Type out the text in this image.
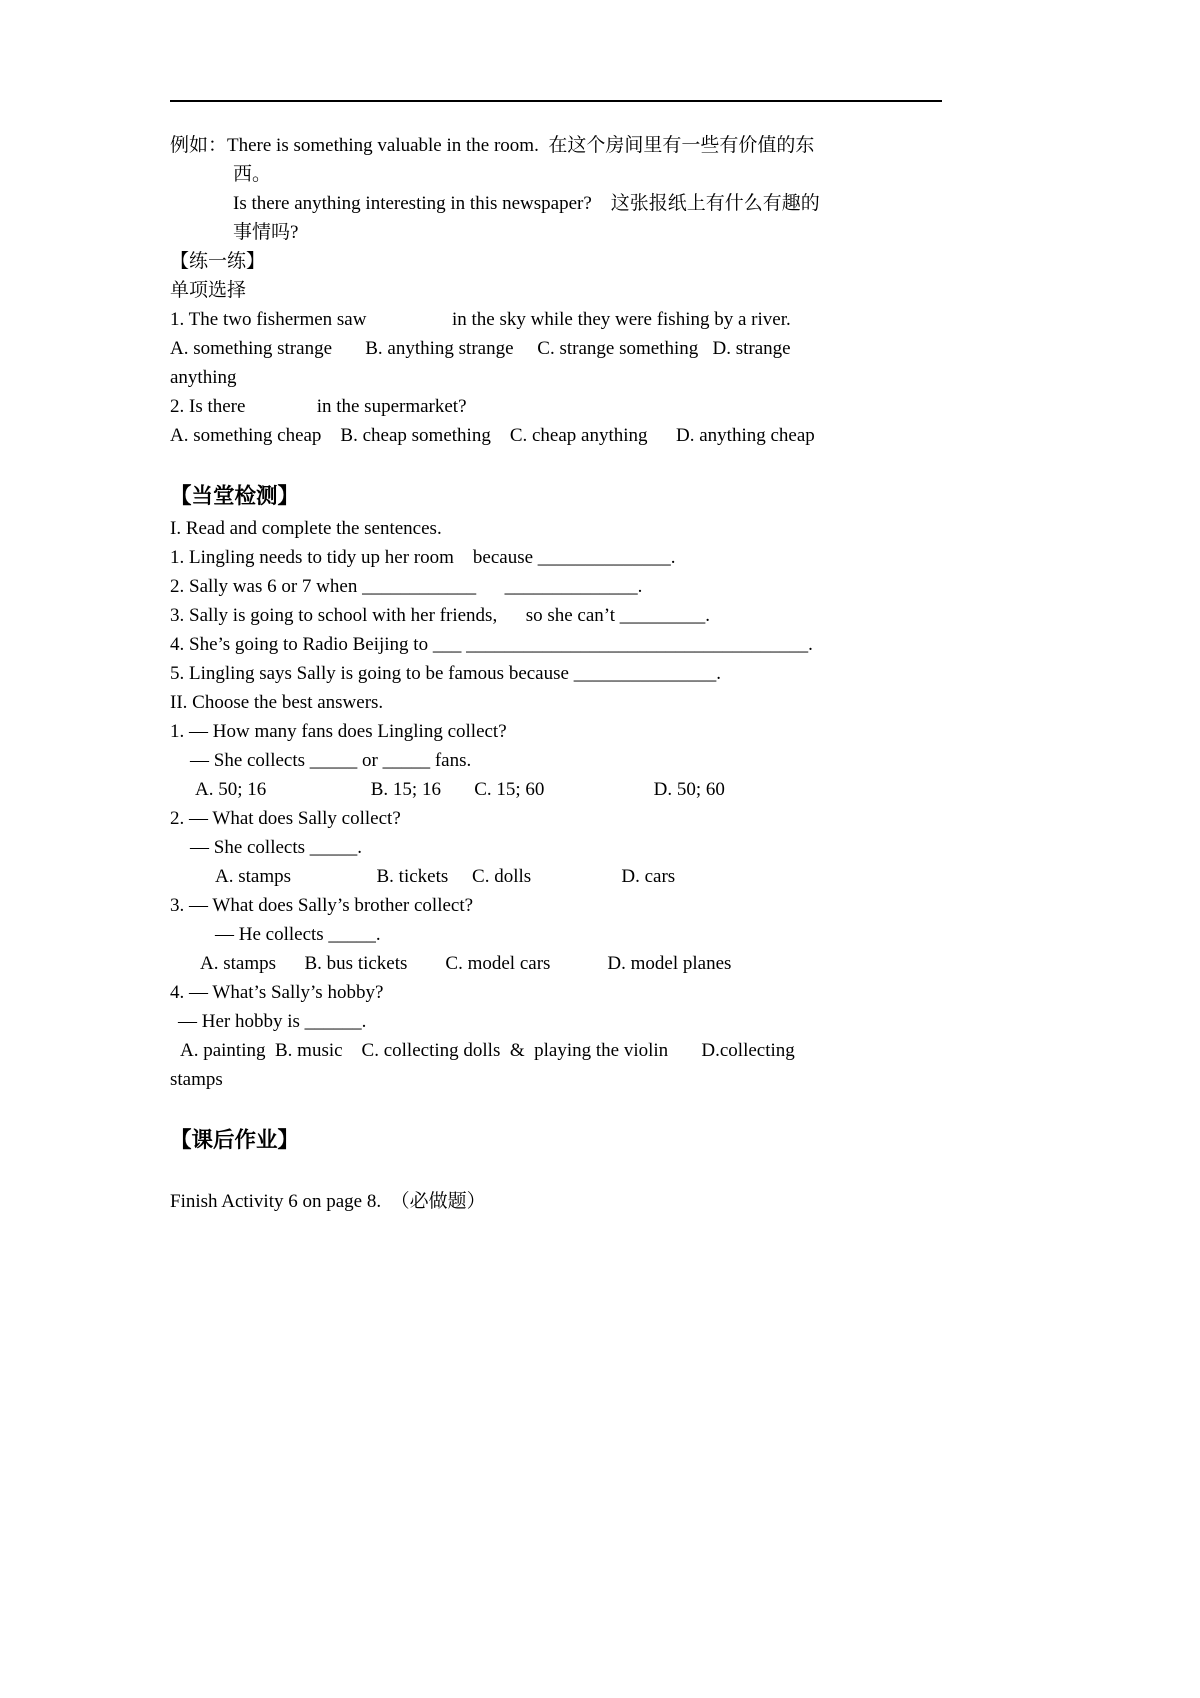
例如：There is something valuable in the room.  在这个房间里有一些有价值的东
西。
Is there anything interesting in this newspaper?    这张报纸上有什么有趣的
事情吗?
【练一练】
单项选择
1. The two fishermen saw                  in the sky while they were fishing by a river.
A. something strange       B. anything strange     C. strange something   D. strange
anything
2. Is there               in the supermarket?
A. something cheap    B. cheap something    C. cheap anything      D. anything cheap
【当堂检测】
I. Read and complete the sentences.
1. Lingling needs to tidy up her room    because ______________.
2. Sally was 6 or 7 when ____________      ______________.
3. Sally is going to school with her friends,      so she can’t _________.
4. She’s going to Radio Beijing to ___ ____________________________________.
5. Lingling says Sally is going to be famous because _______________.
II. Choose the best answers.
1. — How many fans does Lingling collect?
— She collects _____ or _____ fans.
A. 50; 16                      B. 15; 16       C. 15; 60                       D. 50; 60
2. — What does Sally collect?
— She collects _____.
A. stamps                  B. tickets     C. dolls                   D. cars
3. — What does Sally’s brother collect?
— He collects _____.
A. stamps      B. bus tickets        C. model cars            D. model planes
4. — What’s Sally’s hobby?
— Her hobby is ______.
A. painting  B. music    C. collecting dolls  &  playing the violin       D.collecting
stamps
【课后作业】
Finish Activity 6 on page 8.  （必做题）
